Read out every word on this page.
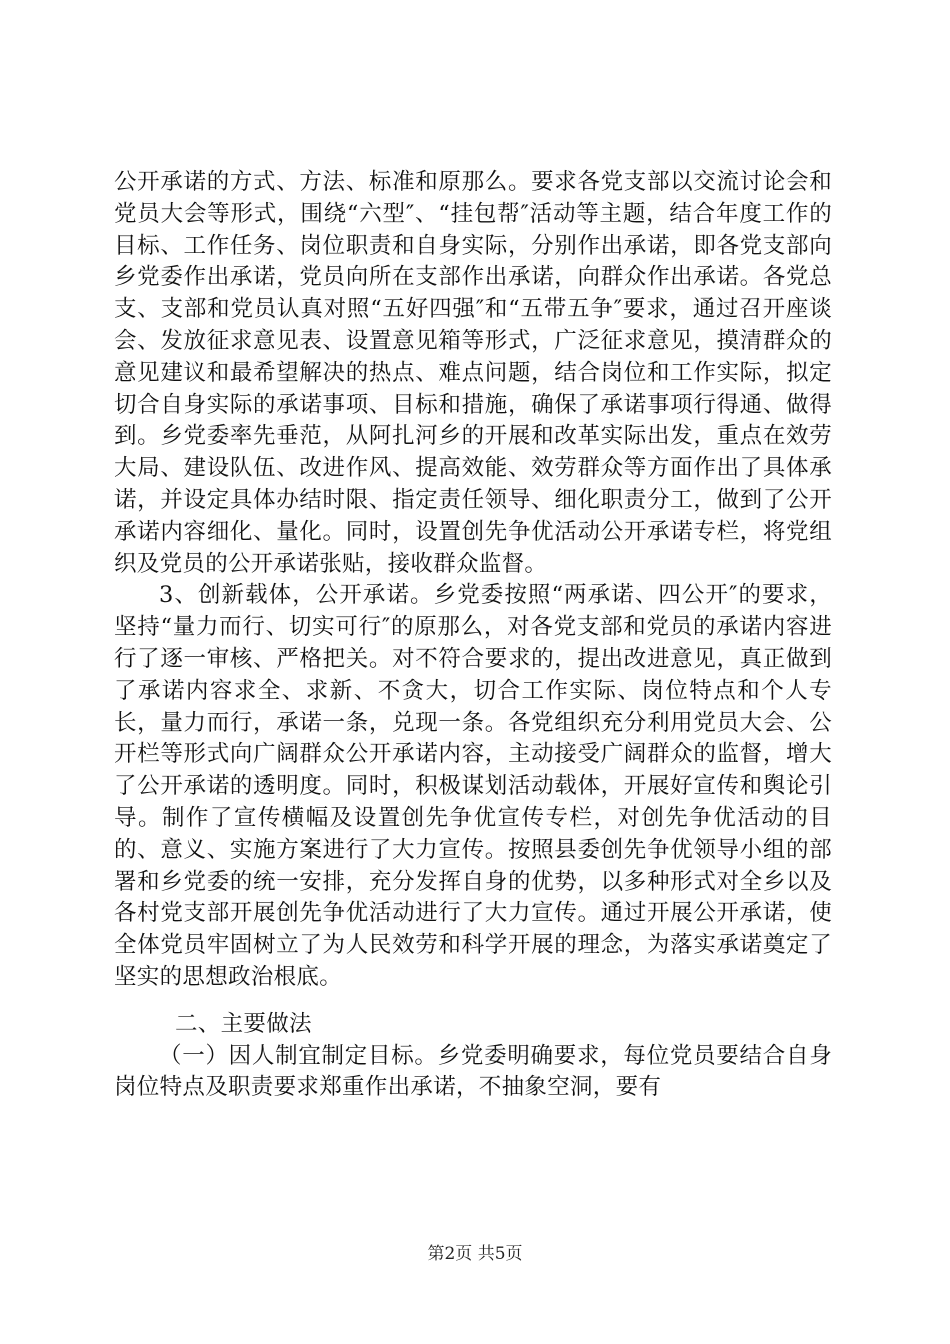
公开承诺的方式、方法、标准和原那么。要求各党支部以交流讨论会和党员大会等形式，围绕“六型″、“挂包帮″活动等主题，结合年度工作的目标、工作任务、岗位职责和自身实际，分别作出承诺，即各党支部向乡党委作出承诺，党员向所在支部作出承诺，向群众作出承诺。各党总支、支部和党员认真对照“五好四强″和“五带五争″要求，通过召开座谈会、发放征求意见表、设置意见箱等形式，广泛征求意见，摸清群众的意见建议和最希望解决的热点、难点问题，结合岗位和工作实际，拟定切合自身实际的承诺事项、目标和措施，确保了承诺事项行得通、做得到。乡党委率先垂范，从阿扎河乡的开展和改革实际出发，重点在效劳大局、建设队伍、改进作风、提高效能、效劳群众等方面作出了具体承诺，并设定具体办结时限、指定责任领导、细化职责分工，做到了公开承诺内容细化、量化。同时，设置创先争优活动公开承诺专栏，将党组织及党员的公开承诺张贴，接收群众监督。

3、创新载体，公开承诺。乡党委按照“两承诺、四公开″的要求，坚持“量力而行、切实可行″的原那么，对各党支部和党员的承诺内容进行了逐一审核、严格把关。对不符合要求的，提出改进意见，真正做到了承诺内容求全、求新、不贪大，切合工作实际、岗位特点和个人专长，量力而行，承诺一条，兑现一条。各党组织充分利用党员大会、公开栏等形式向广阔群众公开承诺内容，主动接受广阔群众的监督，增大了公开承诺的透明度。同时，积极谋划活动载体，开展好宣传和舆论引导。制作了宣传横幅及设置创先争优宣传专栏，对创先争优活动的目的、意义、实施方案进行了大力宣传。按照县委创先争优领导小组的部署和乡党委的统一安排，充分发挥自身的优势，以多种形式对全乡以及各村党支部开展创先争优活动进行了大力宣传。通过开展公开承诺，使全体党员牢固树立了为人民效劳和科学开展的理念，为落实承诺奠定了坚实的思想政治根底。

二、主要做法

（一）因人制宜制定目标。乡党委明确要求，每位党员要结合自身岗位特点及职责要求郑重作出承诺，不抽象空洞，要有

第2页 共5页
